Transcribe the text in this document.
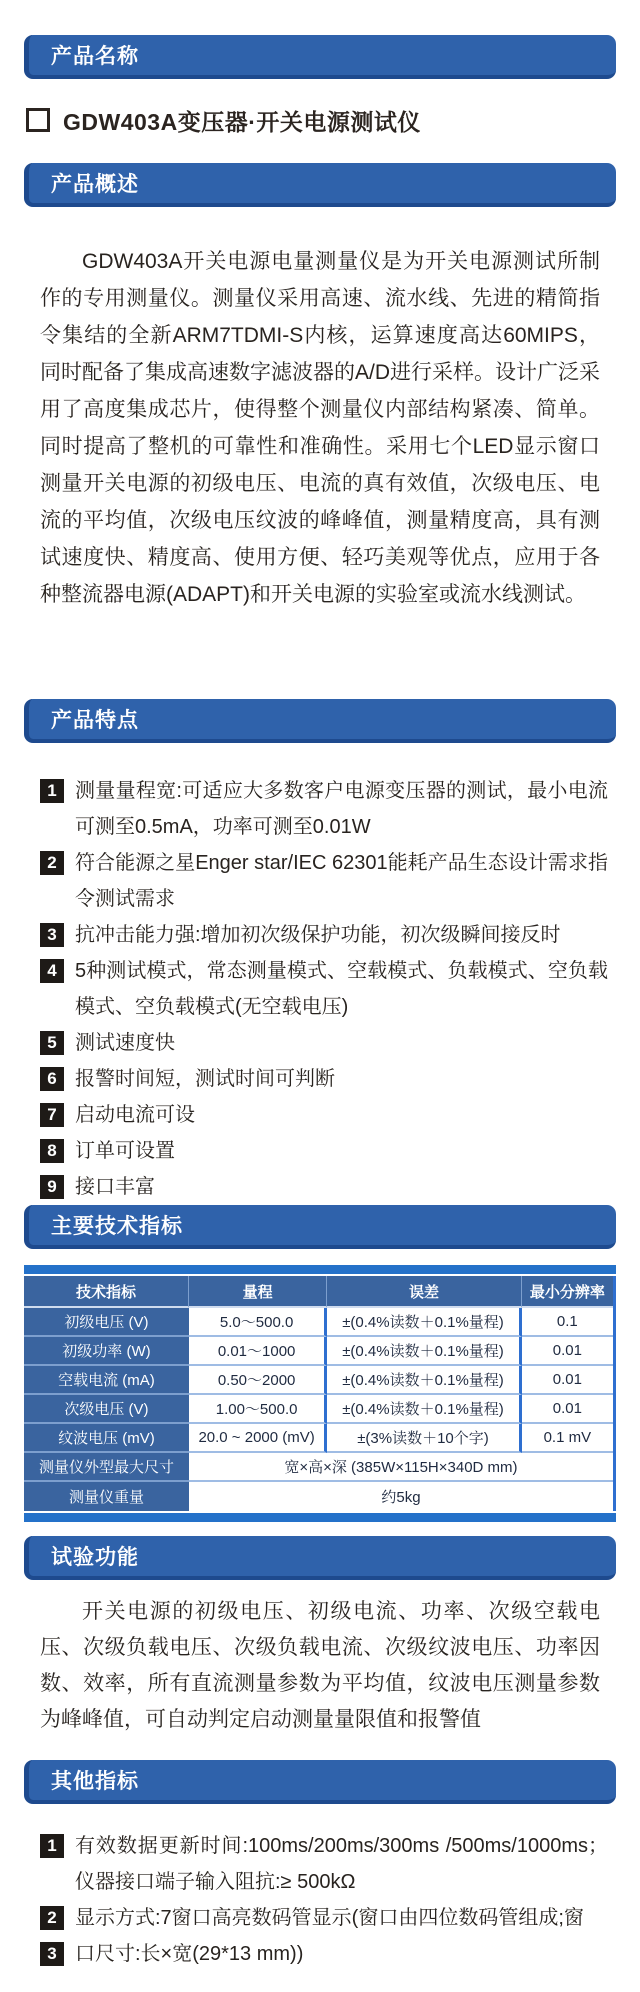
产品名称
GDW403A变压器·开关电源测试仪
产品概述

GDW403A开关电源电量测量仪是为开关电源测试所制作的专用测量仪。测量仪采用高速、流水线、先进的精简指令集结的全新ARM7TDMI-S内核，运算速度高达60MIPS，同时配备了集成高速数字滤波器的A/D进行采样。设计广泛采用了高度集成芯片，使得整个测量仪内部结构紧凑、简单。同时提高了整机的可靠性和准确性。采用七个LED显示窗口测量开关电源的初级电压、电流的真有效值，次级电压、电流的平均值，次级电压纹波的峰峰值，测量精度高，具有测试速度快、精度高、使用方便、轻巧美观等优点，应用于各种整流器电源(ADAPT)和开关电源的实验室或流水线测试。

产品特点
1 测量量程宽:可适应大多数客户电源变压器的测试，最小电流可测至0.5mA，功率可测至0.01W
2 符合能源之星Enger star/IEC 62301能耗产品生态设计需求指令测试需求
3 抗冲击能力强:增加初次级保护功能，初次级瞬间接反时
4 5种测试模式，常态测量模式、空载模式、负载模式、空负载模式、空负载模式(无空载电压)
5 测试速度快
6 报警时间短，测试时间可判断
7 启动电流可设
8 订单可设置
9 接口丰富
主要技术指标
技术指标	量程	误差	最小分辨率
初级电压 (V)	5.0～500.0	±(0.4%读数＋0.1%量程)	0.1
初级功率 (W)	0.01～1000	±(0.4%读数＋0.1%量程)	0.01
空载电流 (mA)	0.50～2000	±(0.4%读数＋0.1%量程)	0.01
次级电压 (V)	1.00～500.0	±(0.4%读数＋0.1%量程)	0.01
纹波电压 (mV)	20.0 ~ 2000 (mV)	±(3%读数＋10个字)	0.1 mV
测量仪外型最大尺寸	宽×高×深 (385W×115H×340D mm)		
测量仪重量	约5kg		
试验功能

开关电源的初级电压、初级电流、功率、次级空载电压、次级负载电压、次级负载电流、次级纹波电压、功率因数、效率，所有直流测量参数为平均值，纹波电压测量参数为峰峰值，可自动判定启动测量量限值和报警值

其他指标
1 有效数据更新时间:100ms/200ms/300ms /500ms/1000ms；仪器接口端子输入阻抗:≥ 500kΩ
2 显示方式:7窗口高亮数码管显示(窗口由四位数码管组成;窗
3 口尺寸:长×宽(29*13 mm))
